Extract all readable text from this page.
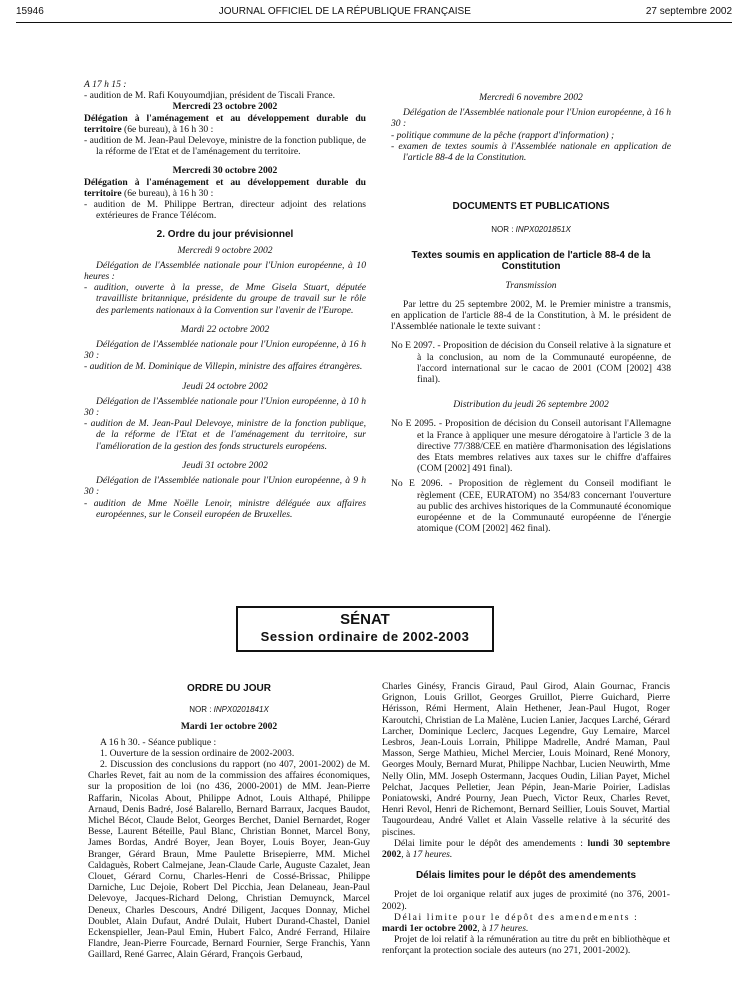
15946	JOURNAL OFFICIEL DE LA RÉPUBLIQUE FRANÇAISE	27 septembre 2002

A 17 h 15 :

- audition de M. Rafi Kouyoumdjian, président de Tiscali France.

Mercredi 23 octobre 2002

Délégation à l'aménagement et au développement durable du territoire (6e bureau), à 16 h 30 :

- audition de M. Jean-Paul Delevoye, ministre de la fonction publique, de la réforme de l'Etat et de l'aménagement du territoire.

Mercredi 30 octobre 2002

Délégation à l'aménagement et au développement durable du territoire (6e bureau), à 16 h 30 :

- audition de M. Philippe Bertran, directeur adjoint des relations extérieures de France Télécom.

2. Ordre du jour prévisionnel

Mercredi 9 octobre 2002

Délégation de l'Assemblée nationale pour l'Union européenne, à 10 heures :

- audition, ouverte à la presse, de Mme Gisela Stuart, députée travailliste britannique, présidente du groupe de travail sur le rôle des parlements nationaux à la Convention sur l'avenir de l'Europe.

Mardi 22 octobre 2002

Délégation de l'Assemblée nationale pour l'Union européenne, à 16 h 30 :

- audition de M. Dominique de Villepin, ministre des affaires étrangères.

Jeudi 24 octobre 2002

Délégation de l'Assemblée nationale pour l'Union européenne, à 10 h 30 :

- audition de M. Jean-Paul Delevoye, ministre de la fonction publique, de la réforme de l'Etat et de l'aménagement du territoire, sur l'amélioration de la gestion des fonds structurels européens.

Jeudi 31 octobre 2002

Délégation de l'Assemblée nationale pour l'Union européenne, à 9 h 30 :

- audition de Mme Noëlle Lenoir, ministre déléguée aux affaires européennes, sur le Conseil européen de Bruxelles.

Mercredi 6 novembre 2002

Délégation de l'Assemblée nationale pour l'Union européenne, à 16 h 30 :

- politique commune de la pêche (rapport d'information) ;

- examen de textes soumis à l'Assemblée nationale en application de l'article 88-4 de la Constitution.

DOCUMENTS ET PUBLICATIONS

NOR : INPX0201851X

Textes soumis en application de l'article 88-4 de la Constitution

Transmission

Par lettre du 25 septembre 2002, M. le Premier ministre a transmis, en application de l'article 88-4 de la Constitution, à M. le président de l'Assemblée nationale le texte suivant :

No E 2097. - Proposition de décision du Conseil relative à la signature et à la conclusion, au nom de la Communauté européenne, de l'accord international sur le cacao de 2001 (COM [2002] 438 final).

Distribution du jeudi 26 septembre 2002

No E 2095. - Proposition de décision du Conseil autorisant l'Allemagne et la France à appliquer une mesure dérogatoire à l'article 3 de la directive 77/388/CEE en matière d'harmonisation des législations des Etats membres relatives aux taxes sur le chiffre d'affaires (COM [2002] 491 final).

No E 2096. - Proposition de règlement du Conseil modifiant le règlement (CEE, EURATOM) no 354/83 concernant l'ouverture au public des archives historiques de la Communauté économique européenne et de la Communauté européenne de l'énergie atomique (COM [2002] 462 final).

SÉNAT
Session ordinaire de 2002-2003

ORDRE DU JOUR

NOR : INPX0201841X

Mardi 1er octobre 2002

A 16 h 30. - Séance publique :

1. Ouverture de la session ordinaire de 2002-2003.

2. Discussion des conclusions du rapport (no 407, 2001-2002) de M. Charles Revet, fait au nom de la commission des affaires économiques, sur la proposition de loi (no 436, 2000-2001) de MM. Jean-Pierre Raffarin, Nicolas About, Philippe Adnot, Louis Althapé, Philippe Arnaud, Denis Badré, José Balarello, Bernard Barraux, Jacques Baudot, Michel Bécot, Claude Belot, Georges Berchet, Daniel Bernardet, Roger Besse, Laurent Béteille, Paul Blanc, Christian Bonnet, Marcel Bony, James Bordas, André Boyer, Jean Boyer, Louis Boyer, Jean-Guy Branger, Gérard Braun, Mme Paulette Brisepierre, MM. Michel Caldaguès, Robert Calmejane, Jean-Claude Carle, Auguste Cazalet, Jean Clouet, Gérard Cornu, Charles-Henri de Cossé-Brissac, Philippe Darniche, Luc Dejoie, Robert Del Picchia, Jean Delaneau, Jean-Paul Delevoye, Jacques-Richard Delong, Christian Demuynck, Marcel Deneux, Charles Descours, André Diligent, Jacques Donnay, Michel Doublet, Alain Dufaut, André Dulait, Hubert Durand-Chastel, Daniel Eckenspieller, Jean-Paul Emin, Hubert Falco, André Ferrand, Hilaire Flandre, Jean-Pierre Fourcade, Bernard Fournier, Serge Franchis, Yann Gaillard, René Garrec, Alain Gérard, François Gerbaud,

Charles Ginésy, Francis Giraud, Paul Girod, Alain Gournac, Francis Grignon, Louis Grillot, Georges Gruillot, Pierre Guichard, Pierre Hérisson, Rémi Herment, Alain Hethener, Jean-Paul Hugot, Roger Karoutchi, Christian de La Malène, Lucien Lanier, Jacques Larché, Gérard Larcher, Dominique Leclerc, Jacques Legendre, Guy Lemaire, Marcel Lesbros, Jean-Louis Lorrain, Philippe Madrelle, André Maman, Paul Masson, Serge Mathieu, Michel Mercier, Louis Moinard, René Monory, Georges Mouly, Bernard Murat, Philippe Nachbar, Lucien Neuwirth, Mme Nelly Olin, MM. Joseph Ostermann, Jacques Oudin, Lilian Payet, Michel Pelchat, Jacques Pelletier, Jean Pépin, Jean-Marie Poirier, Ladislas Poniatowski, André Pourny, Jean Puech, Victor Reux, Charles Revet, Henri Revol, Henri de Richemont, Bernard Seillier, Louis Souvet, Martial Taugourdeau, André Vallet et Alain Vasselle relative à la sécurité des piscines.

Délai limite pour le dépôt des amendements : lundi 30 septembre 2002, à 17 heures.

Délais limites pour le dépôt des amendements

Projet de loi organique relatif aux juges de proximité (no 376, 2001-2002).

Délai limite pour le dépôt des amendements :

mardi 1er octobre 2002, à 17 heures.

Projet de loi relatif à la rémunération au titre du prêt en bibliothèque et renforçant la protection sociale des auteurs (no 271, 2001-2002).
